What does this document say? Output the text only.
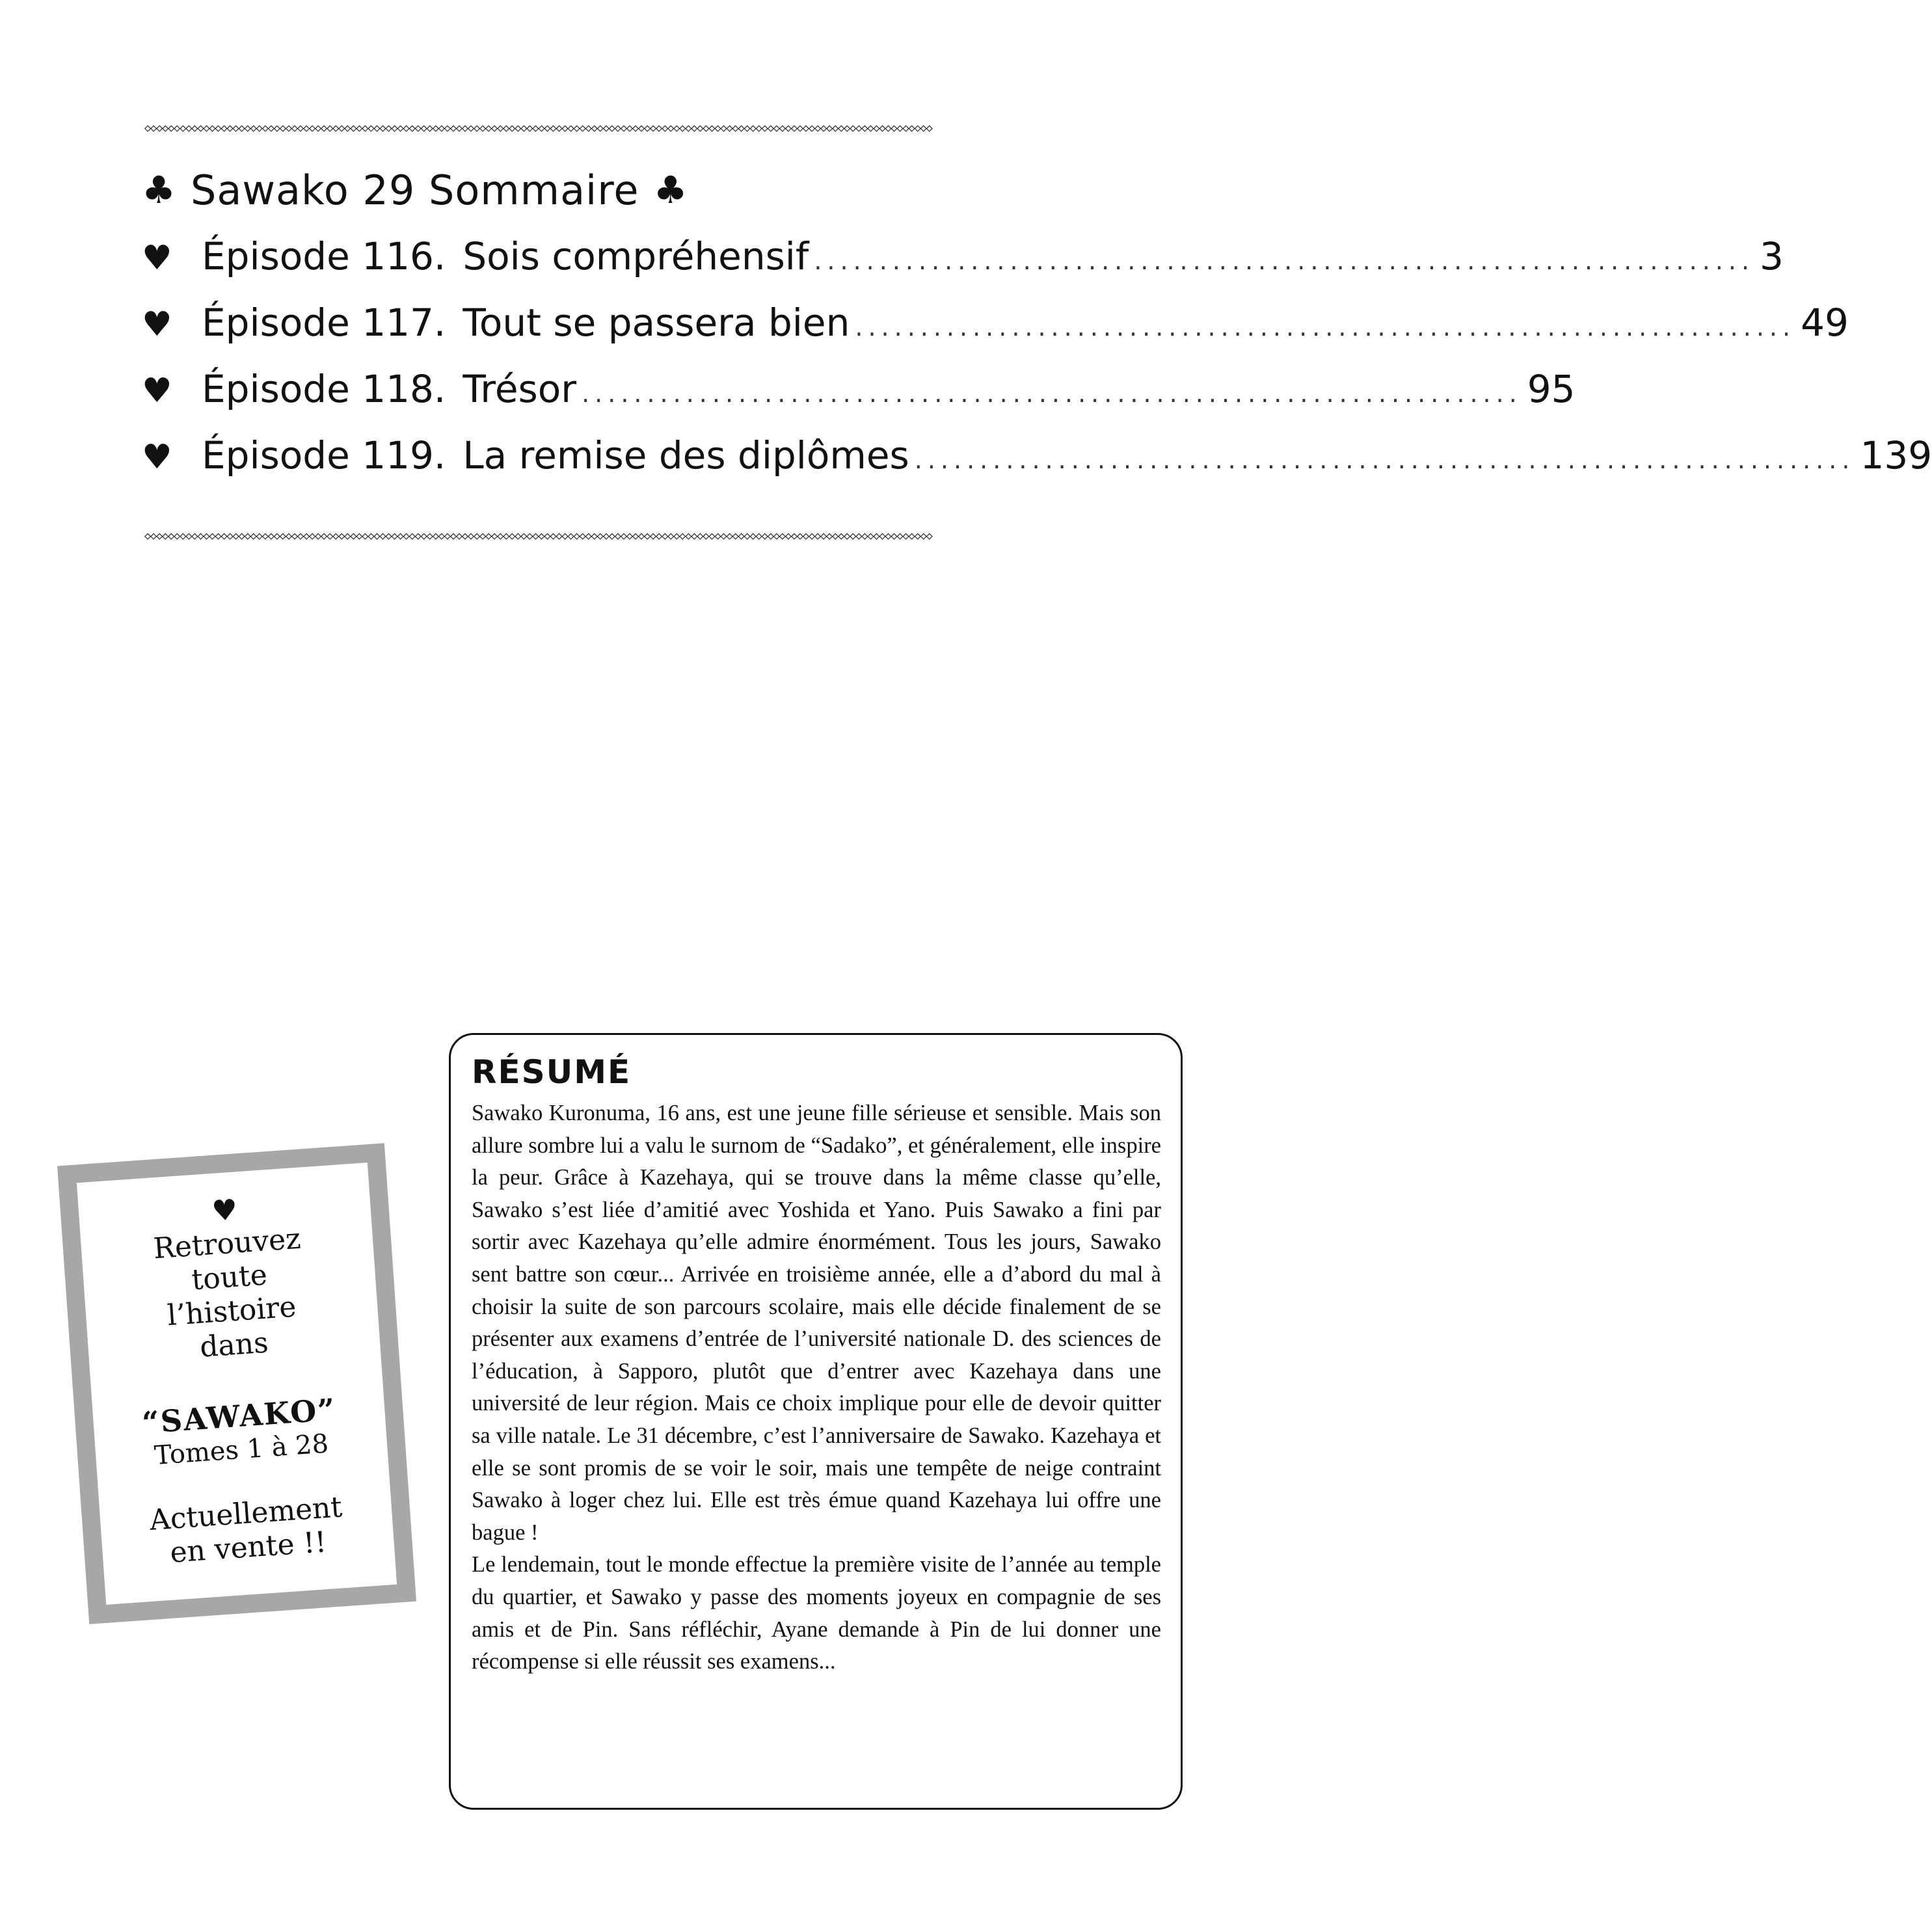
◇◇◇◇◇◇◇◇◇◇◇◇◇◇◇◇◇◇◇◇◇◇◇◇◇◇◇◇◇◇◇◇◇◇◇◇◇◇◇◇◇◇◇◇◇◇◇◇◇◇◇◇◇◇◇◇◇◇◇◇◇◇◇◇◇◇◇◇◇◇◇◇◇◇◇◇◇◇◇◇◇◇◇◇◇◇◇◇◇◇◇◇◇◇◇◇◇◇◇◇◇◇◇◇◇◇◇◇◇◇◇◇◇◇◇◇◇◇◇◇◇◇◇◇◇◇◇◇◇◇◇◇◇◇
♣ Sawako 29 Sommaire ♣
♥ Épisode 116. Sois compréhensif ........................................................................ 3
♥ Épisode 117. Tout se passera bien ........................................................................ 49
♥ Épisode 118. Trésor ........................................................................ 95
♥ Épisode 119. La remise des diplômes ........................................................................ 139
◇◇◇◇◇◇◇◇◇◇◇◇◇◇◇◇◇◇◇◇◇◇◇◇◇◇◇◇◇◇◇◇◇◇◇◇◇◇◇◇◇◇◇◇◇◇◇◇◇◇◇◇◇◇◇◇◇◇◇◇◇◇◇◇◇◇◇◇◇◇◇◇◇◇◇◇◇◇◇◇◇◇◇◇◇◇◇◇◇◇◇◇◇◇◇◇◇◇◇◇◇◇◇◇◇◇◇◇◇◇◇◇◇◇◇◇◇◇◇◇◇◇◇◇◇◇◇◇◇◇◇◇◇◇
♥
Retrouvez
toute
l’histoire
dans
“SAWAKO”
Tomes 1 à 28
Actuellement
en vente !!
RÉSUMÉ

Sawako Kuronuma, 16 ans, est une jeune fille sérieuse et sensible. Mais son allure sombre lui a valu le surnom de “Sadako”, et généralement, elle inspire la peur. Grâce à Kazehaya, qui se trouve dans la même classe qu’elle, Sawako s’est liée d’amitié avec Yoshida et Yano. Puis Sawako a fini par sortir avec Kazehaya qu’elle admire énormément. Tous les jours, Sawako sent battre son cœur... Arrivée en troisième année, elle a d’abord du mal à choisir la suite de son parcours scolaire, mais elle décide finalement de se présenter aux examens d’entrée de l’université nationale D. des sciences de l’éducation, à Sapporo, plutôt que d’entrer avec Kazehaya dans une université de leur région. Mais ce choix implique pour elle de devoir quitter sa ville natale. Le 31 décembre, c’est l’anniversaire de Sawako. Kazehaya et elle se sont promis de se voir le soir, mais une tempête de neige contraint Sawako à loger chez lui. Elle est très émue quand Kazehaya lui offre une bague !

Le lendemain, tout le monde effectue la première visite de l’année au temple du quartier, et Sawako y passe des moments joyeux en compagnie de ses amis et de Pin. Sans réfléchir, Ayane demande à Pin de lui donner une récompense si elle réussit ses examens...
